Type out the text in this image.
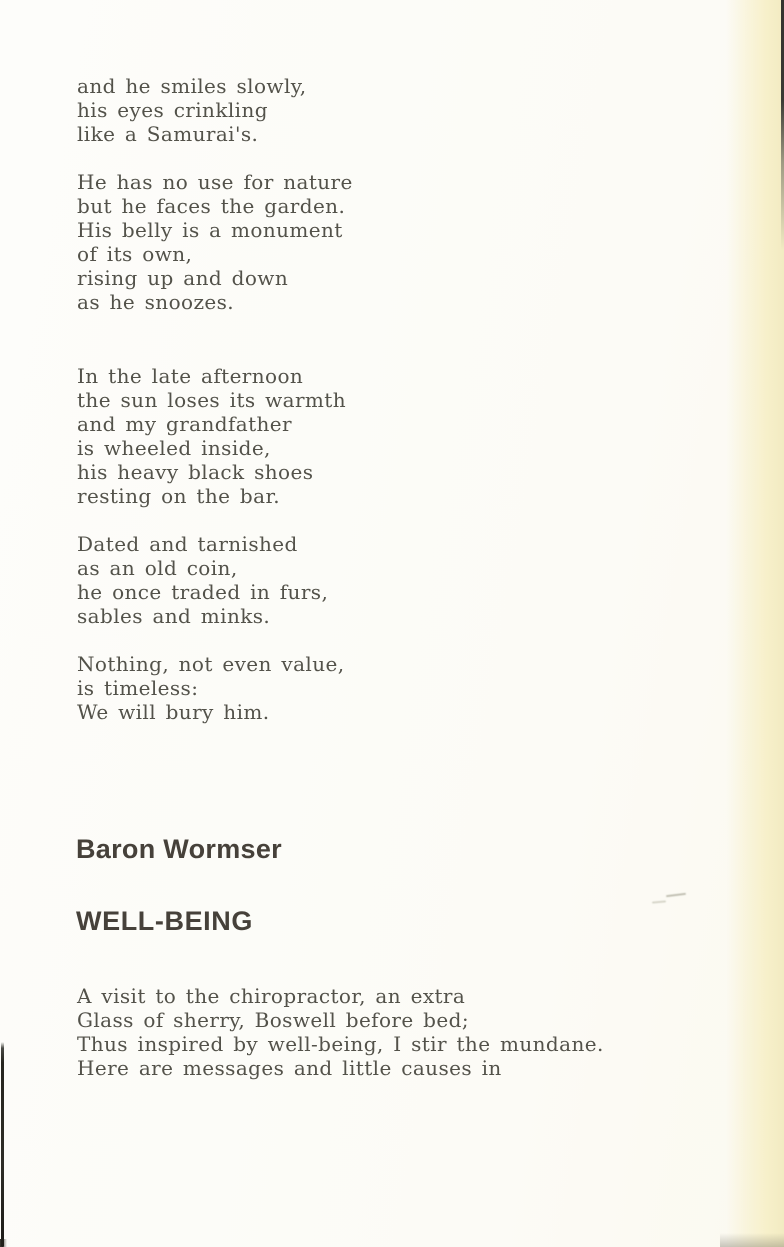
and he smiles slowly,
his eyes crinkling
like a Samurai's.
He has no use for nature
but he faces the garden.
His belly is a monument
of its own,
rising up and down
as he snoozes.
In the late afternoon
the sun loses its warmth
and my grandfather
is wheeled inside,
his heavy black shoes
resting on the bar.
Dated and tarnished
as an old coin,
he once traded in furs,
sables and minks.
Nothing, not even value,
is timeless:
We will bury him.
Baron Wormser
WELL-BEING
A visit to the chiropractor, an extra
Glass of sherry, Boswell before bed;
Thus inspired by well-being, I stir the mundane.
Here are messages and little causes in
